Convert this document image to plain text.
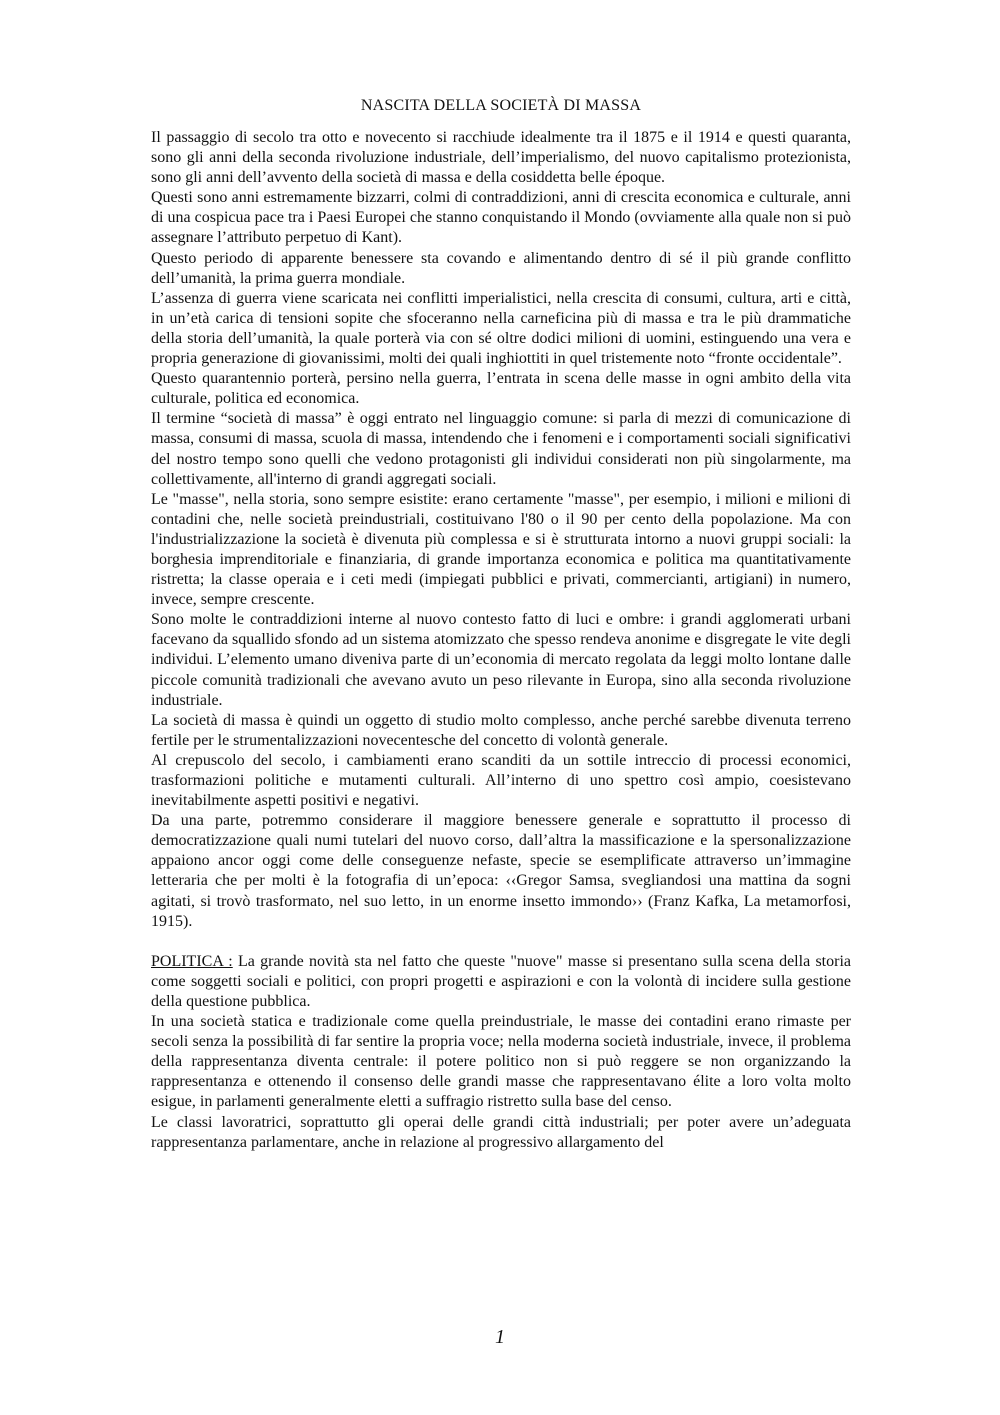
NASCITA DELLA SOCIETÀ DI MASSA

Il passaggio di secolo tra otto e novecento si racchiude idealmente tra il 1875 e il 1914 e questi quaranta, sono gli anni della seconda rivoluzione industriale, dell’imperialismo, del nuovo capitalismo protezionista, sono gli anni dell’avvento della società di massa e della cosiddetta belle époque.

Questi sono anni estremamente bizzarri, colmi di contraddizioni, anni di crescita economica e culturale, anni di una cospicua pace tra i Paesi Europei che stanno conquistando il Mondo (ovviamente alla quale non si può assegnare l’attributo perpetuo di Kant).

Questo periodo di apparente benessere sta covando e alimentando dentro di sé il più grande conflitto dell’umanità, la prima guerra mondiale.

L’assenza di guerra viene scaricata nei conflitti imperialistici, nella crescita di consumi, cultura, arti e città, in un’età carica di tensioni sopite che sfoceranno nella carneficina più di massa e tra le più drammatiche della storia dell’umanità, la quale porterà via con sé oltre dodici milioni di uomini, estinguendo una vera e propria generazione di giovanissimi, molti dei quali inghiottiti in quel tristemente noto “fronte occidentale”.

Questo quarantennio porterà, persino nella guerra, l’entrata in scena delle masse in ogni ambito della vita culturale, politica ed economica.

Il termine “società di massa” è oggi entrato nel linguaggio comune: si parla di mezzi di comunicazione di massa, consumi di massa, scuola di massa, intendendo che i fenomeni e i comportamenti sociali significativi del nostro tempo sono quelli che vedono protagonisti gli individui considerati non più singolarmente, ma collettivamente, all'interno di grandi aggregati sociali.

Le "masse", nella storia, sono sempre esistite: erano certamente "masse", per esempio, i milioni e milioni di contadini che, nelle società preindustriali, costituivano l'80 o il 90 per cento della popolazione. Ma con l'industrializzazione la società è divenuta più complessa e si è strutturata intorno a nuovi gruppi sociali: la borghesia imprenditoriale e finanziaria, di grande importanza economica e politica ma quantitativamente ristretta; la classe operaia e i ceti medi (impiegati pubblici e privati, commercianti, artigiani) in numero, invece, sempre crescente.

Sono molte le contraddizioni interne al nuovo contesto fatto di luci e ombre: i grandi agglomerati urbani facevano da squallido sfondo ad un sistema atomizzato che spesso rendeva anonime e disgregate le vite degli individui. L’elemento umano diveniva parte di un’economia di mercato regolata da leggi molto lontane dalle piccole comunità tradizionali che avevano avuto un peso rilevante in Europa, sino alla seconda rivoluzione industriale.

La società di massa è quindi un oggetto di studio molto complesso, anche perché sarebbe divenuta terreno fertile per le strumentalizzazioni novecentesche del concetto di volontà generale.

Al crepuscolo del secolo, i cambiamenti erano scanditi da un sottile intreccio di processi economici, trasformazioni politiche e mutamenti culturali. All’interno di uno spettro così ampio, coesistevano inevitabilmente aspetti positivi e negativi.

Da una parte, potremmo considerare il maggiore benessere generale e soprattutto il processo di democratizzazione quali numi tutelari del nuovo corso, dall’altra la massificazione e la spersonalizzazione appaiono ancor oggi come delle conseguenze nefaste, specie se esemplificate attraverso un’immagine letteraria che per molti è la fotografia di un’epoca: ‹‹Gregor Samsa, svegliandosi una mattina da sogni agitati, si trovò trasformato, nel suo letto, in un enorme insetto immondo›› (Franz Kafka, La metamorfosi, 1915).

POLITICA : La grande novità sta nel fatto che queste "nuove" masse si presentano sulla scena della storia come soggetti sociali e politici, con propri progetti e aspirazioni e con la volontà di incidere sulla gestione della questione pubblica.

In una società statica e tradizionale come quella preindustriale, le masse dei contadini erano rimaste per secoli senza la possibilità di far sentire la propria voce; nella moderna società industriale, invece, il problema della rappresentanza diventa centrale: il potere politico non si può reggere se non organizzando la rappresentanza e ottenendo il consenso delle grandi masse che rappresentavano élite a loro volta molto esigue, in parlamenti generalmente eletti a suffragio ristretto sulla base del censo.

Le classi lavoratrici, soprattutto gli operai delle grandi città industriali; per poter avere un’adeguata rappresentanza parlamentare, anche in relazione al progressivo allargamento del

1
